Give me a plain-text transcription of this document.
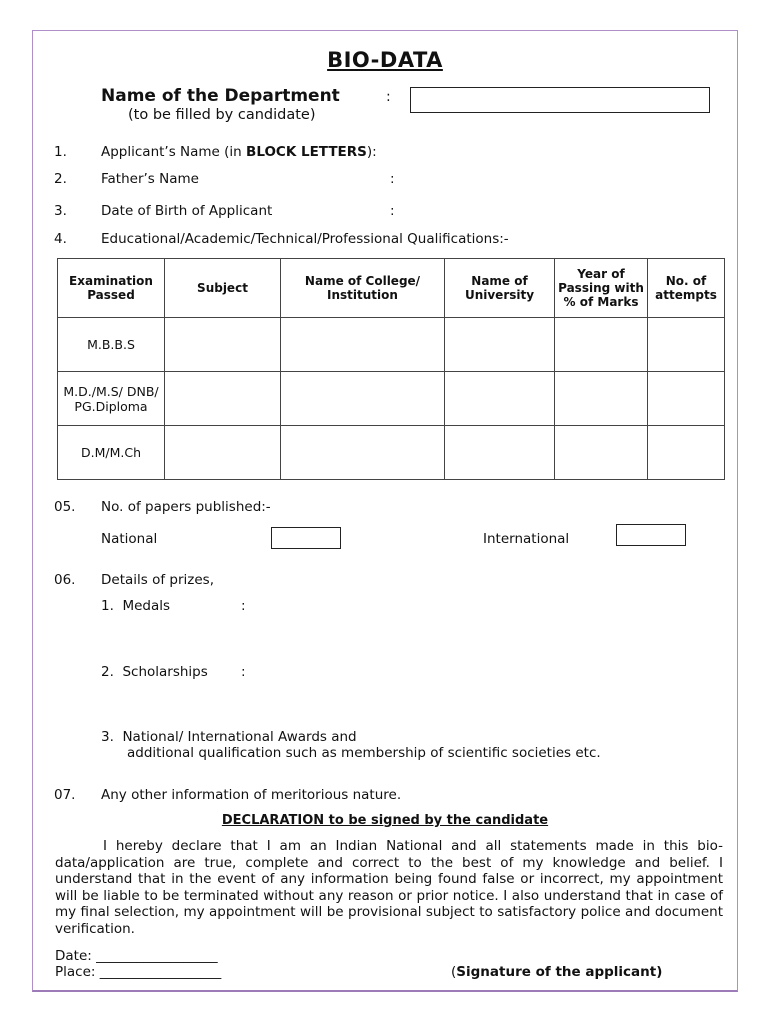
BIO-DATA
Name of the Department	:
(to be filled by candidate)
1.	Applicant’s Name (in BLOCK LETTERS):
2.	Father’s Name	:
3.	Date of Birth of Applicant	:
4.	Educational/Academic/Technical/Professional Qualifications:-
Examination Passed	Subject	Name of College/ Institution	Name of University	Year of Passing with % of Marks	No. of attempts
M.B.B.S					
M.D./M.S/ DNB/ PG.Diploma					
D.M/M.Ch					
05. No. of papers published:-
National	International
06. Details of prizes,
1.  Medals	:
2.  Scholarships :
3.  National/ International Awards and
additional qualification such as membership of scientific societies etc.
07. Any other information of meritorious nature.
DECLARATION to be signed by the candidate

I hereby declare that I am an Indian National and all statements made in this bio-data/application are true, complete and correct to the best of my knowledge and belief. I understand that in the event of any information being found false or incorrect, my appointment will be liable to be terminated without any reason or prior notice. I also understand that in case of my final selection, my appointment will be provisional subject to satisfactory police and document verification.

Date: __________________
Place: __________________	(Signature of the applicant)
